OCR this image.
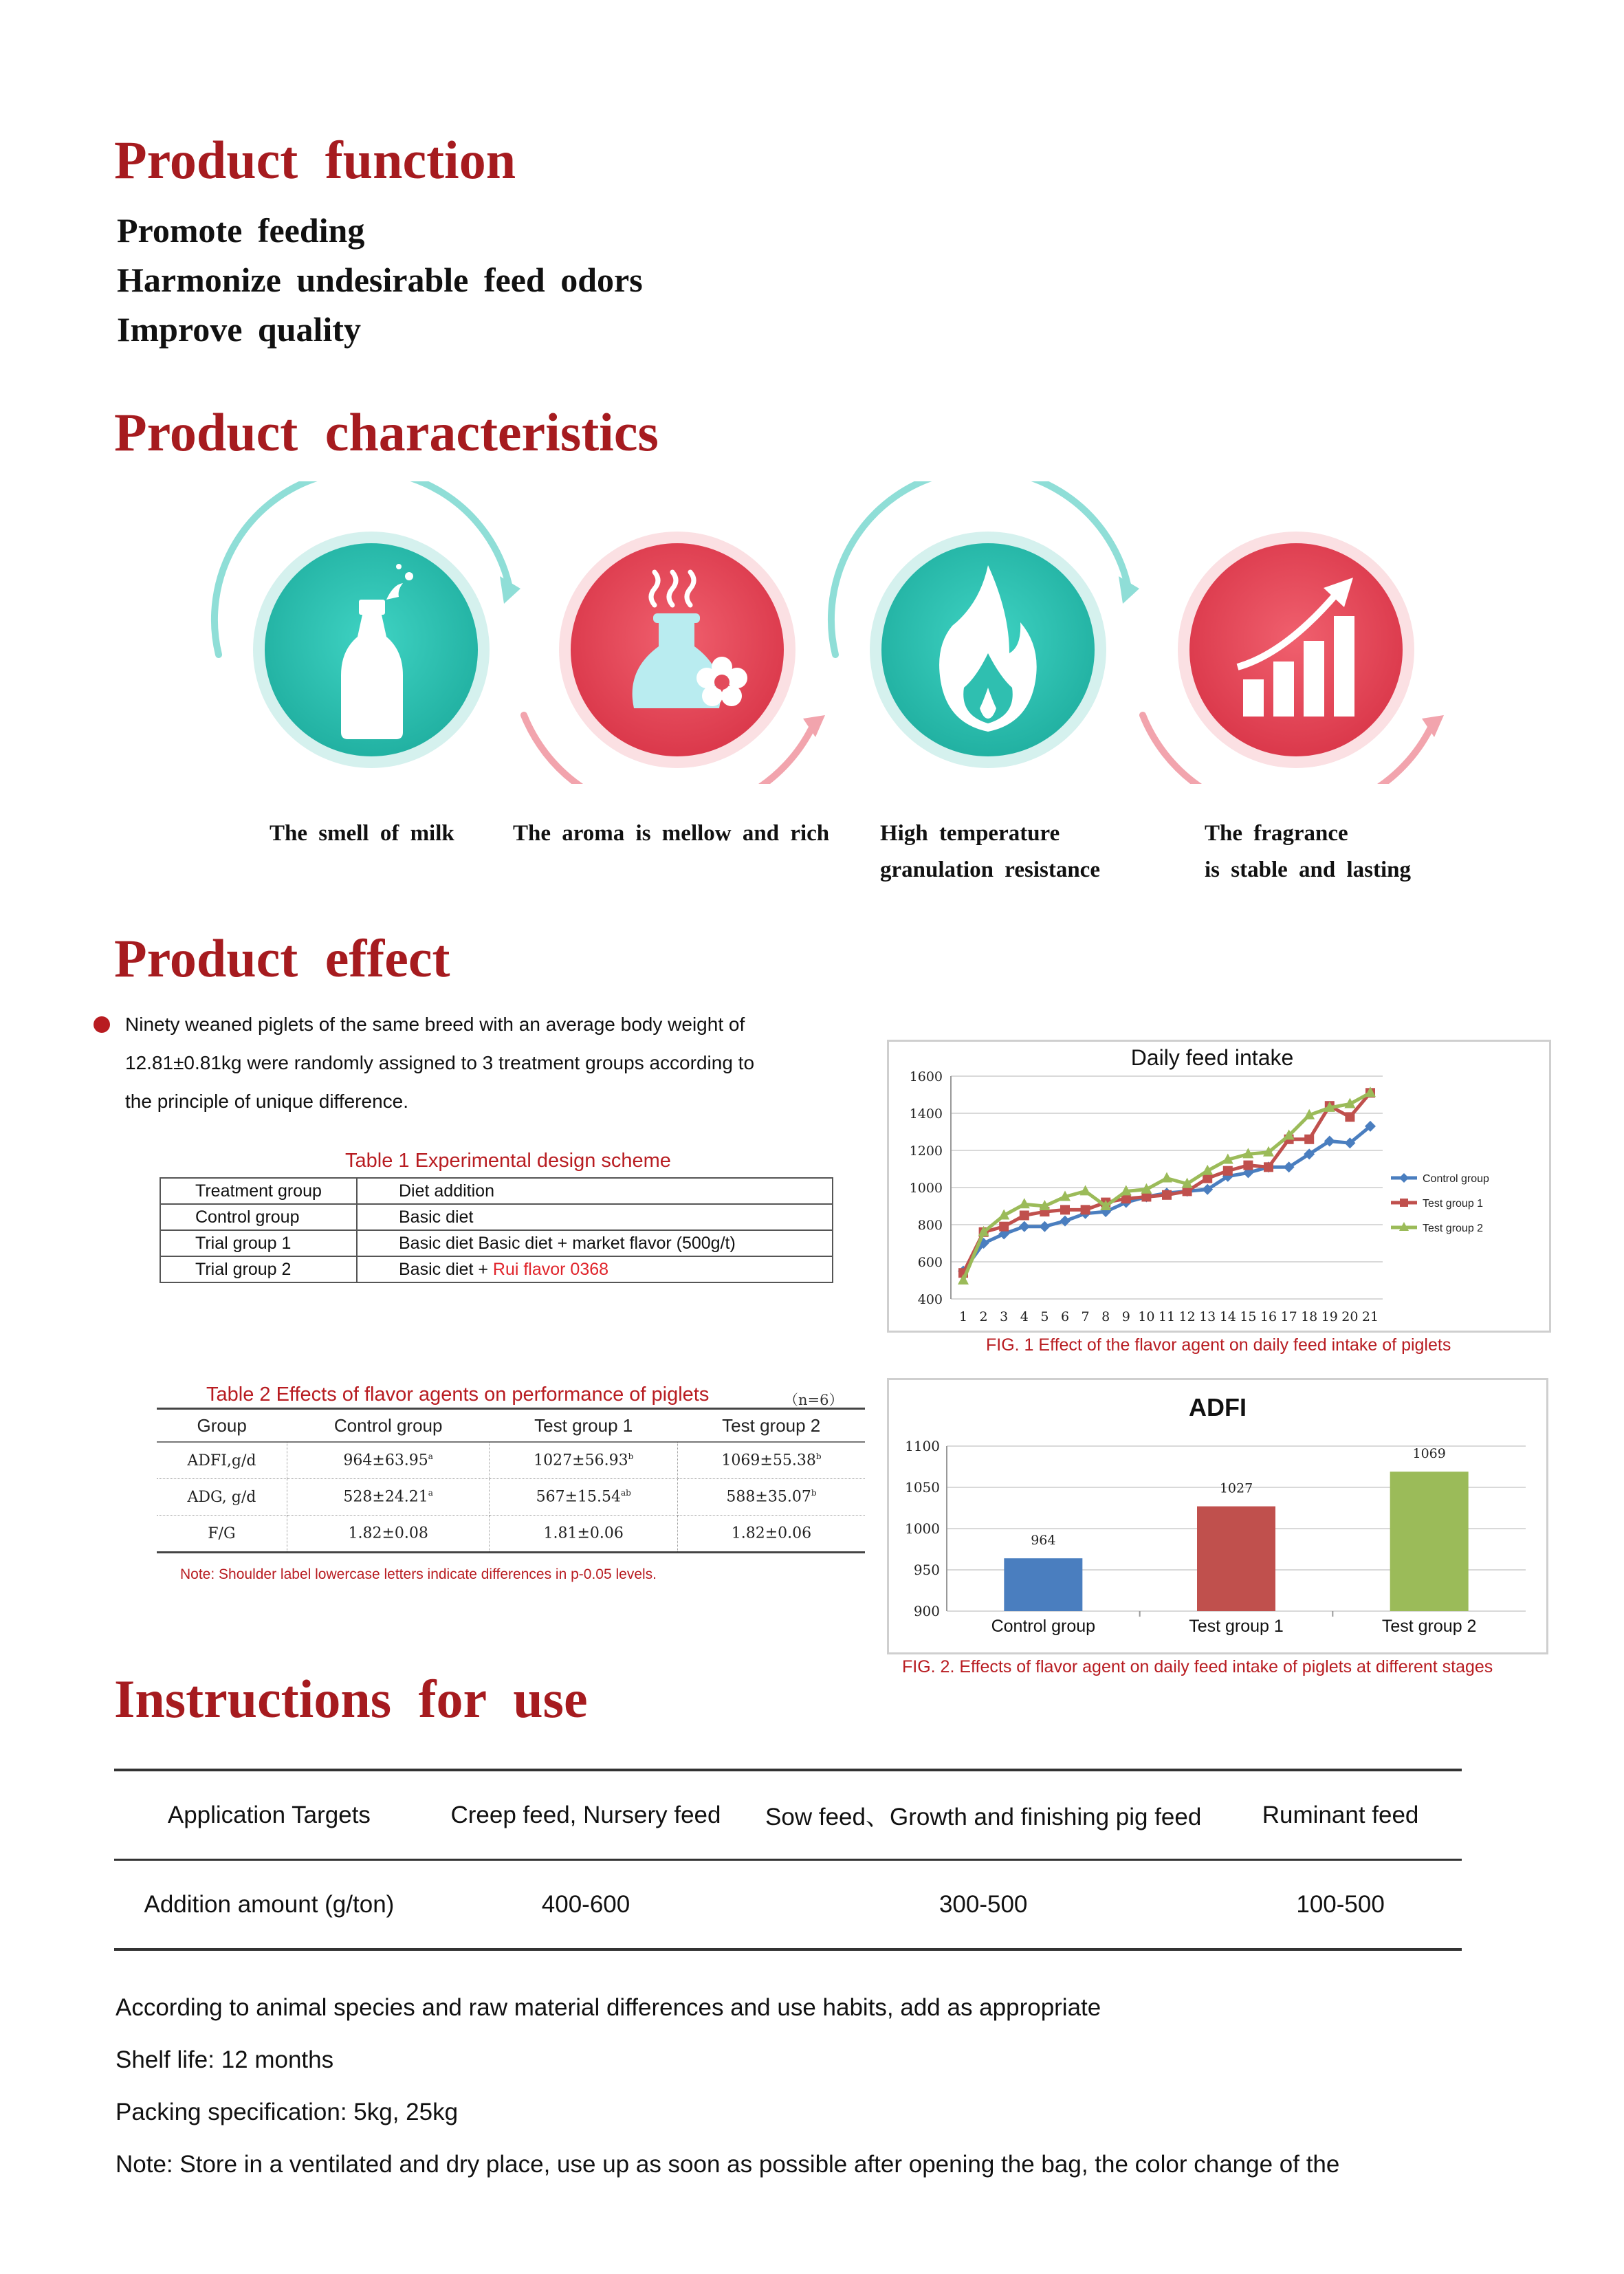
Product function
Promote feeding
Harmonize undesirable feed odors
Improve quality
Product characteristics
The smell of milk	The aroma is mellow and rich High temperature
granulation resistance
The fragrance
is stable and lasting
Product effect
Ninety weaned piglets of the same breed with an average body weight of
12.81±0.81kg were randomly assigned to 3 treatment groups according to
the principle of unique difference.
Table 1 Experimental design scheme
Treatment group	Diet addition
Control group	Basic diet
Trial group 1	Basic diet Basic diet + market flavor (500g/t)
Trial group 2	Basic diet + Rui flavor 0368
Table 2 Effects of flavor agents on performance of piglets	（n=6）
Group	Control group	Test group 1	Test group 2
ADFI,g/d	964±63.95$^a$	1027±56.93$^b$	1069±55.38$^b$
ADG, g/d	528±24.21$^a$	567±15.54$^{ab}$	588±35.07$^b$
F/G	1.82±0.08	1.81±0.06	1.82±0.06
Note: Shoulder label lowercase letters indicate differences in p-0.05 levels.
Daily feed intake
400
600
800
1000
1200
1400
1600
1 2 3 4 5 6 7 8 9 10 11 12 13 14 15 16 17 18 19 20 21
Control group
Test group 1
Test group 2
FIG. 1 Effect of the flavor agent on daily feed intake of piglets
ADFI
900
950
1000
1050
1100
964
Control group
1027
Test group 1
1069
Test group 2
FIG. 2. Effects of flavor agent on daily feed intake of piglets at different stages
Instructions for use
Application Targets	Creep feed, Nursery feed	Sow feed、Growth and finishing pig feed	Ruminant feed
Addition amount (g/ton)	400-600	300-500	100-500
According to animal species and raw material differences and use habits, add as appropriate
Shelf life: 12 months
Packing specification: 5kg, 25kg
Note: Store in a ventilated and dry place, use up as soon as possible after opening the bag, the color change of the
